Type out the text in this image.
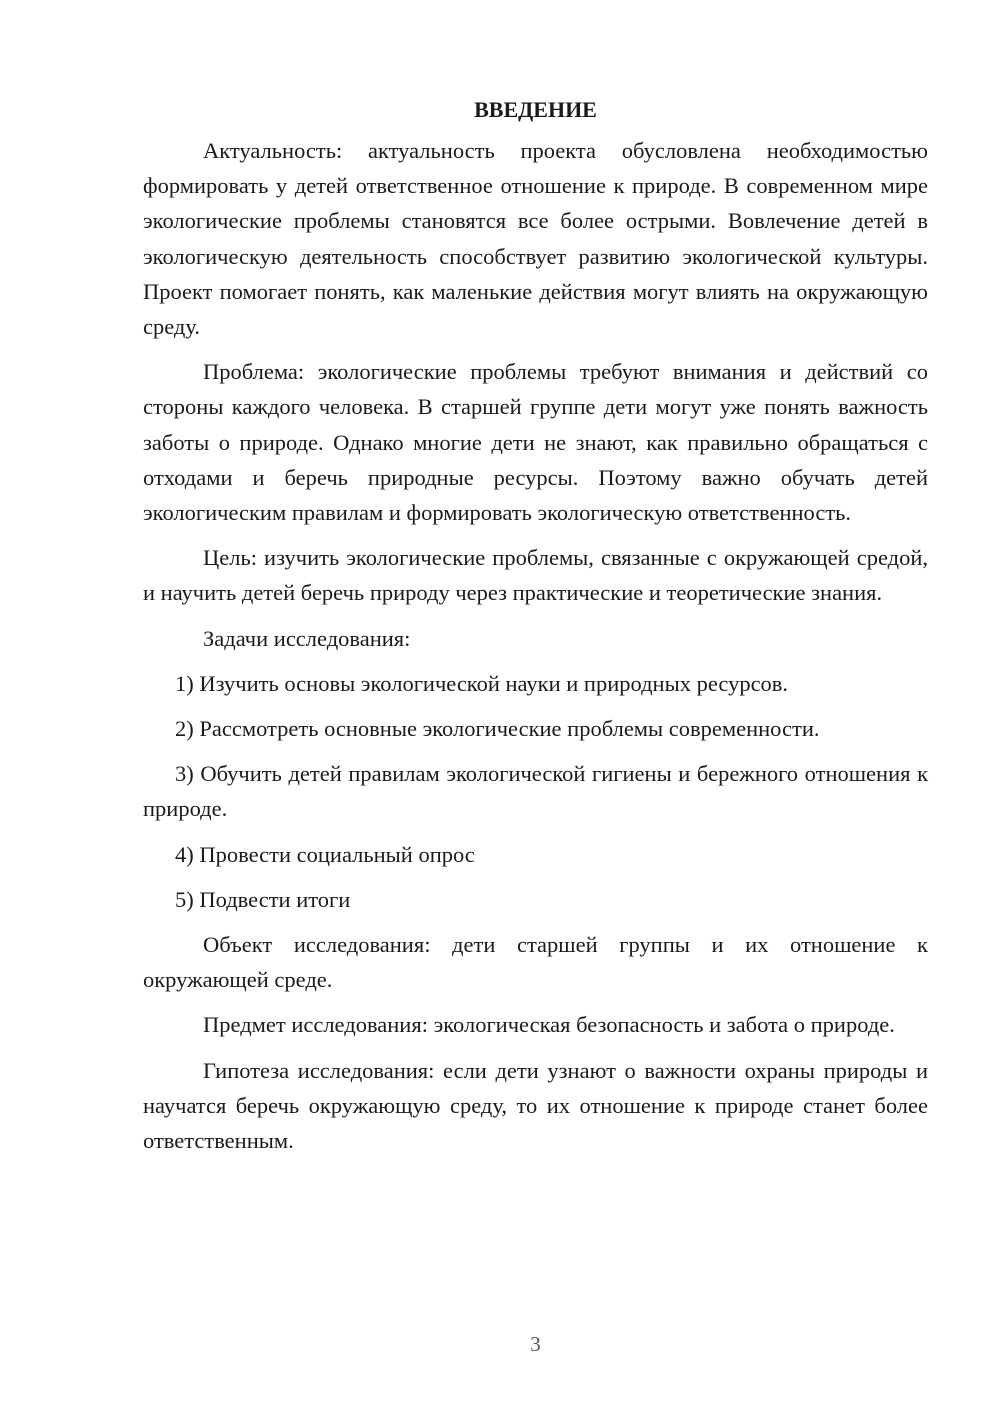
ВВЕДЕНИЕ

Актуальность: актуальность проекта обусловлена необходимостью формировать у детей ответственное отношение к природе. В современном мире экологические проблемы становятся все более острыми. Вовлечение детей в экологическую деятельность способствует развитию экологической культуры. Проект помогает понять, как маленькие действия могут влиять на окружающую среду.

Проблема: экологические проблемы требуют внимания и действий со стороны каждого человека. В старшей группе дети могут уже понять важность заботы о природе. Однако многие дети не знают, как правильно обращаться с отходами и беречь природные ресурсы. Поэтому важно обучать детей экологическим правилам и формировать экологическую ответственность.

Цель: изучить экологические проблемы, связанные с окружающей средой, и научить детей беречь природу через практические и теоретические знания.

Задачи исследования:

1) Изучить основы экологической науки и природных ресурсов.

2) Рассмотреть основные экологические проблемы современности.

3) Обучить детей правилам экологической гигиены и бережного отношения к природе.

4) Провести социальный опрос

5) Подвести итоги

Объект исследования: дети старшей группы и их отношение к окружающей среде.

Предмет исследования: экологическая безопасность и забота о природе.

Гипотеза исследования: если дети узнают о важности охраны природы и научатся беречь окружающую среду, то их отношение к природе станет более ответственным.

3
